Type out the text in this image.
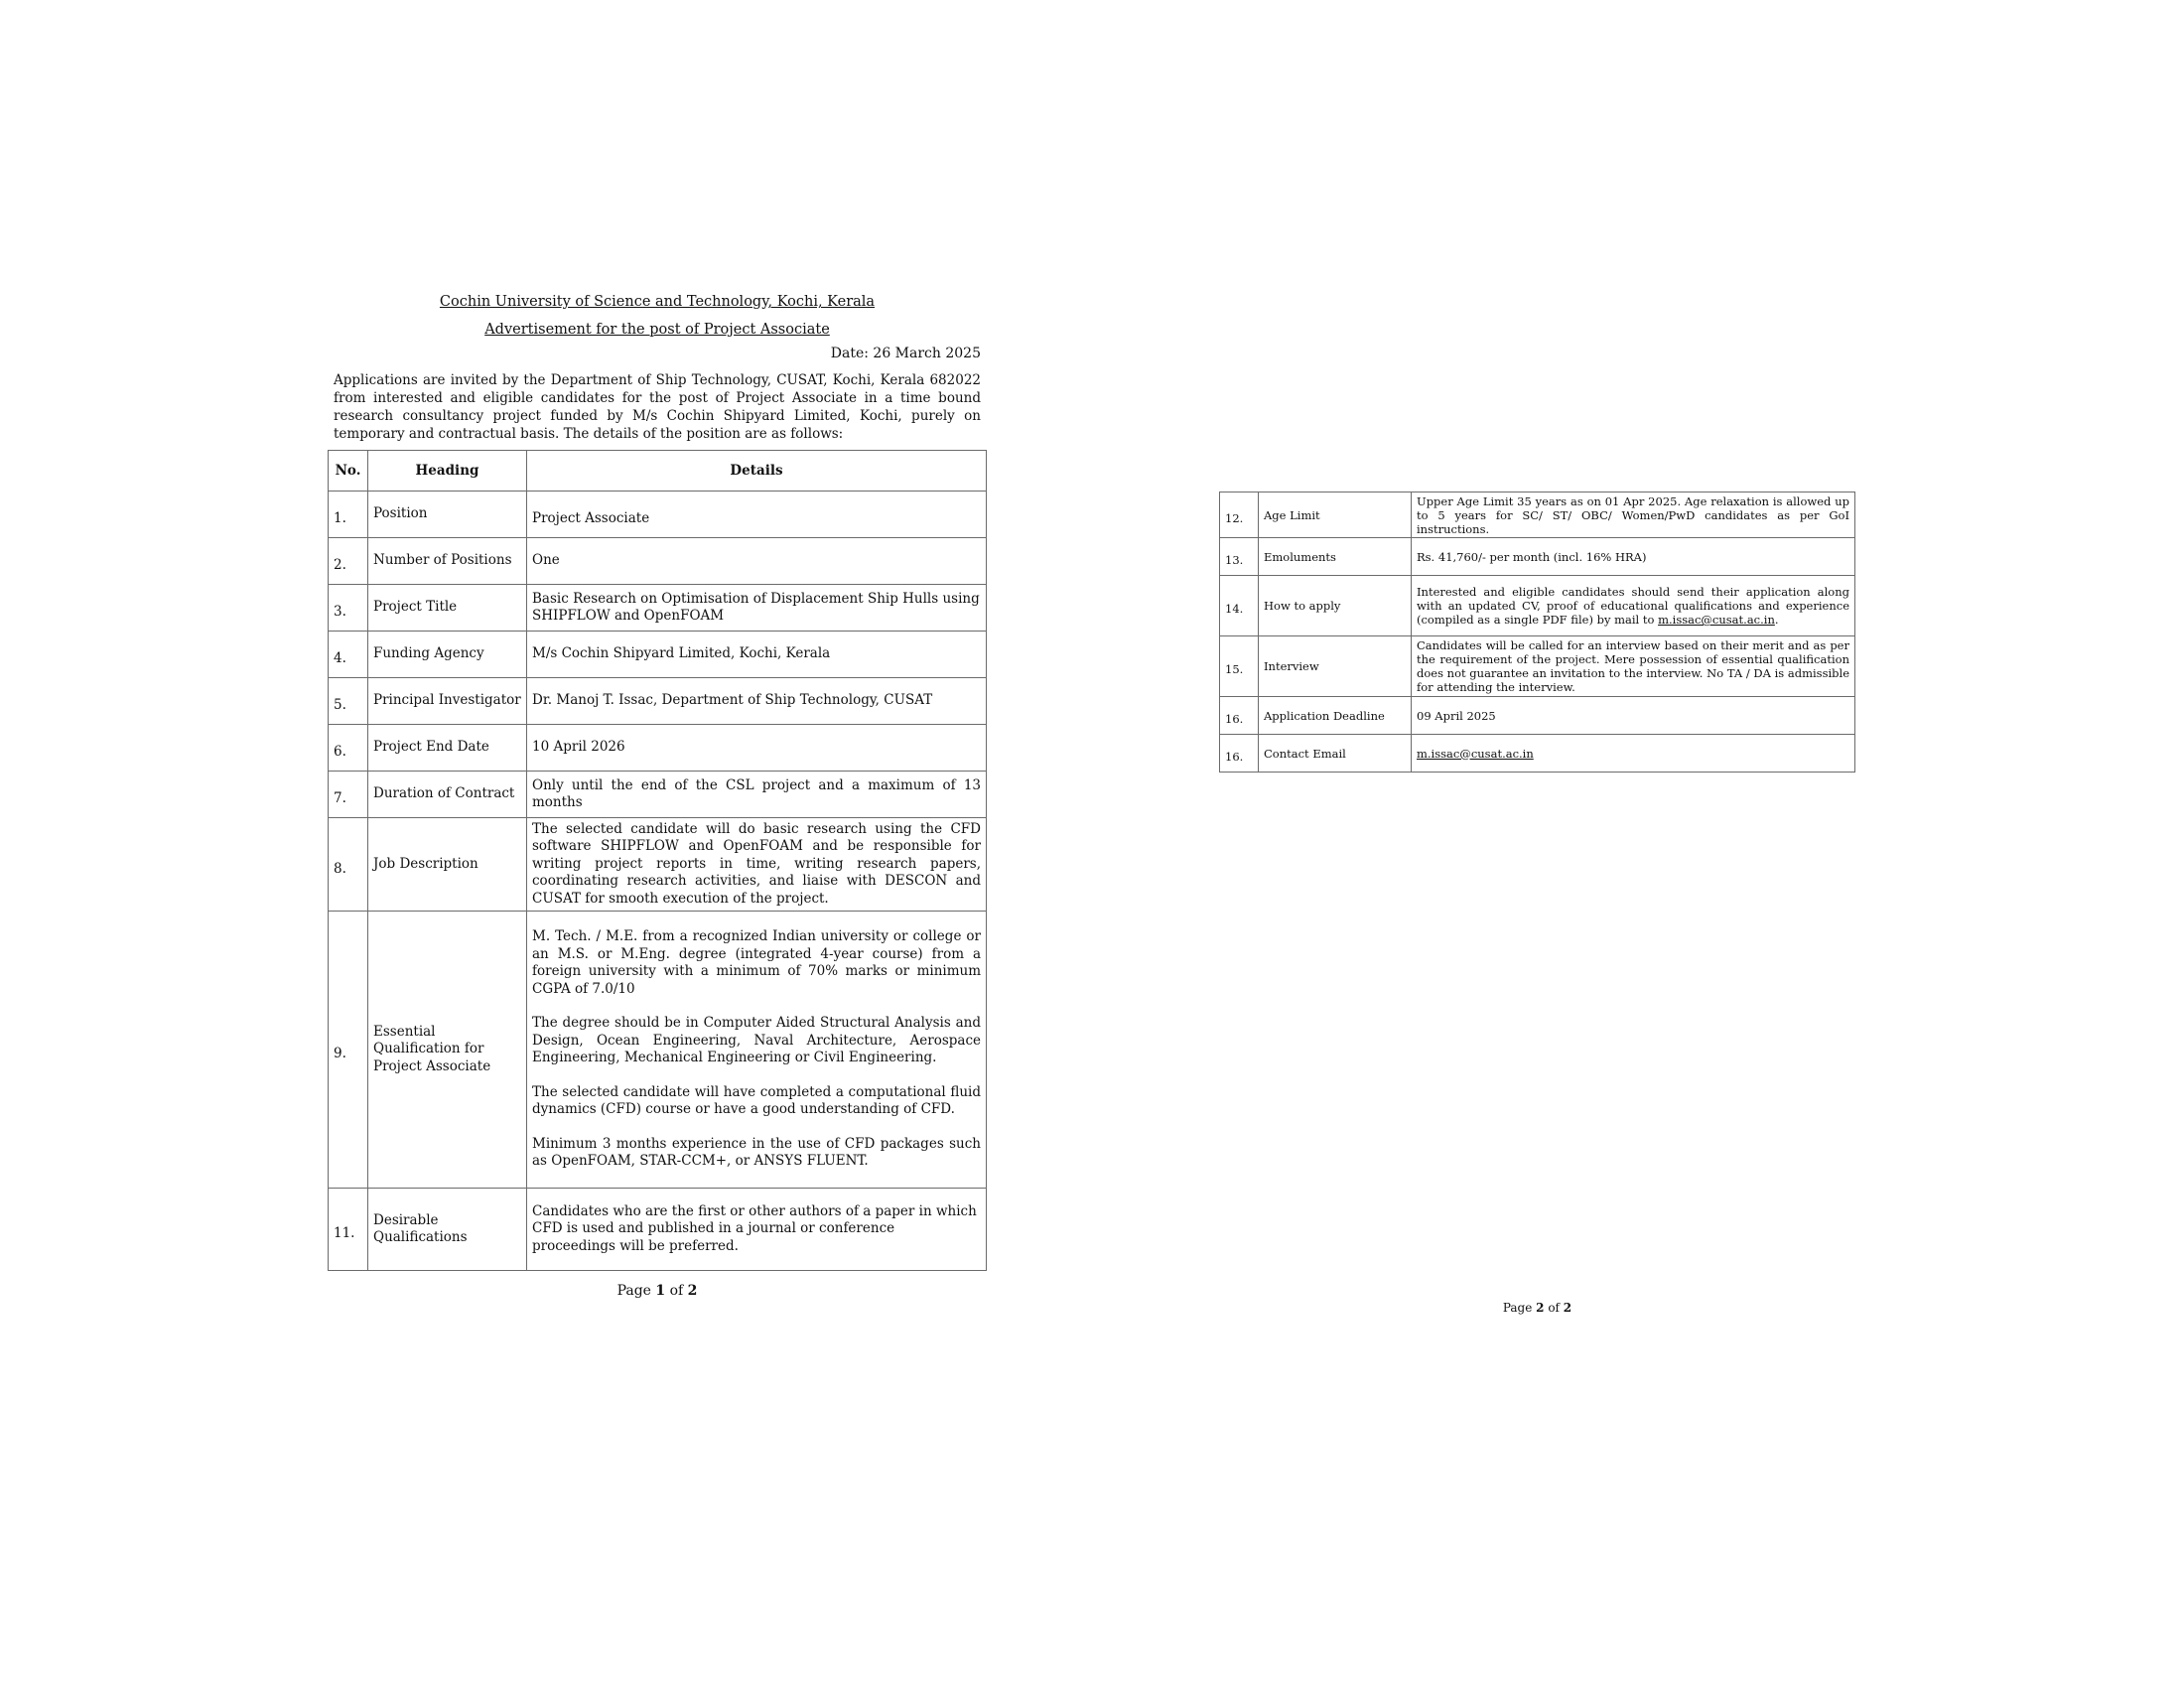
Cochin University of Science and Technology, Kochi, Kerala
Advertisement for the post of Project Associate
Date: 26 March 2025
Applications are invited by the Department of Ship Technology, CUSAT, Kochi, Kerala 682022 from interested and eligible candidates for the post of Project Associate in a time bound research consultancy project funded by M/s Cochin Shipyard Limited, Kochi, purely on temporary and contractual basis. The details of the position are as follows:
No.	Heading	Details
1.	Position	Project Associate
2.	Number of Positions	One
3.	Project Title	Basic Research on Optimisation of Displacement Ship Hulls using SHIPFLOW and OpenFOAM
4.	Funding Agency	M/s Cochin Shipyard Limited, Kochi, Kerala
5.	Principal Investigator	Dr. Manoj T. Issac, Department of Ship Technology, CUSAT
6.	Project End Date	10 April 2026
7.	Duration of Contract	Only until the end of the CSL project and a maximum of 13 months
8.	Job Description	The selected candidate will do basic research using the CFD software SHIPFLOW and OpenFOAM and be responsible for writing project reports in time, writing research papers, coordinating research activities, and liaise with DESCON and CUSAT for smooth execution of the project.
9.	Essential Qualification for Project Associate	M. Tech. / M.E. from a recognized Indian university or college or an M.S. or M.Eng. degree (integrated 4-year course) from a foreign university with a minimum of 70% marks or minimum CGPA of 7.0/10
The degree should be in Computer Aided Structural Analysis and Design, Ocean Engineering, Naval Architecture, Aerospace Engineering, Mechanical Engineering or Civil Engineering.
The selected candidate will have completed a computational fluid dynamics (CFD) course or have a good understanding of CFD.
Minimum 3 months experience in the use of CFD packages such as OpenFOAM, STAR-CCM+, or ANSYS FLUENT.

11.	Desirable Qualifications	Candidates who are the first or other authors of a paper in which CFD is used and published in a journal or conference proceedings will be preferred.
Page 1 of 2
12.	Age Limit	Upper Age Limit 35 years as on 01 Apr 2025. Age relaxation is allowed up to 5 years for SC/ ST/ OBC/ Women/PwD candidates as per GoI instructions.
13.	Emoluments	Rs. 41,760/- per month (incl. 16% HRA)
14.	How to apply	Interested and eligible candidates should send their application along with an updated CV, proof of educational qualifications and experience (compiled as a single PDF file) by mail to m.issac@cusat.ac.in.
15.	Interview	Candidates will be called for an interview based on their merit and as per the requirement of the project. Mere possession of essential qualification does not guarantee an invitation to the interview. No TA / DA is admissible for attending the interview.
16.	Application Deadline	09 April 2025
16.	Contact Email	m.issac@cusat.ac.in
Page 2 of 2
